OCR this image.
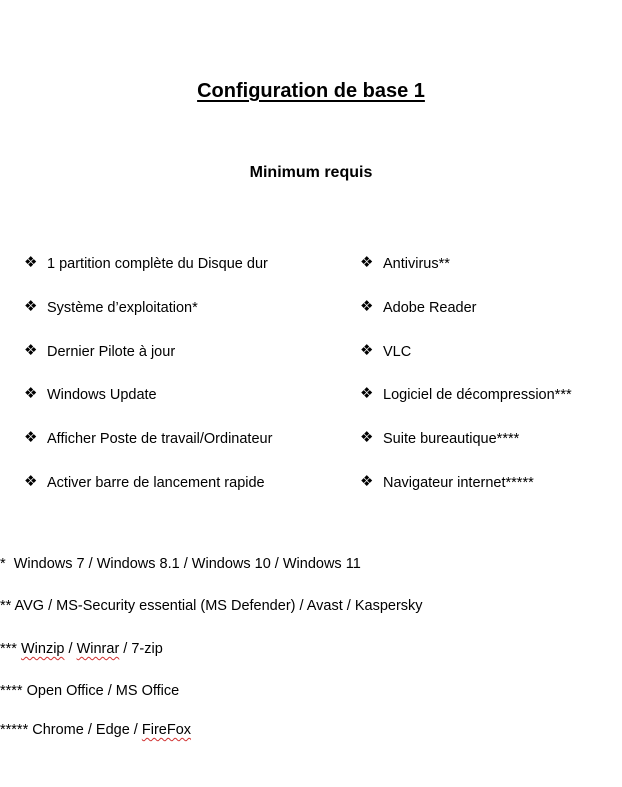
Configuration de base 1
Minimum requis
❖ 1 partition complète du Disque dur
❖ Système d’exploitation*
❖ Dernier Pilote à jour
❖ Windows Update
❖ Afficher Poste de travail/Ordinateur
❖ Activer barre de lancement rapide
❖ Antivirus**
❖ Adobe Reader
❖ VLC
❖ Logiciel de décompression***
❖ Suite bureautique****
❖ Navigateur internet*****
*  Windows 7 / Windows 8.1 / Windows 10 / Windows 11
** AVG / MS-Security essential (MS Defender) / Avast / Kaspersky
*** Winzip / Winrar / 7-zip
**** Open Office / MS Office
***** Chrome / Edge / FireFox
